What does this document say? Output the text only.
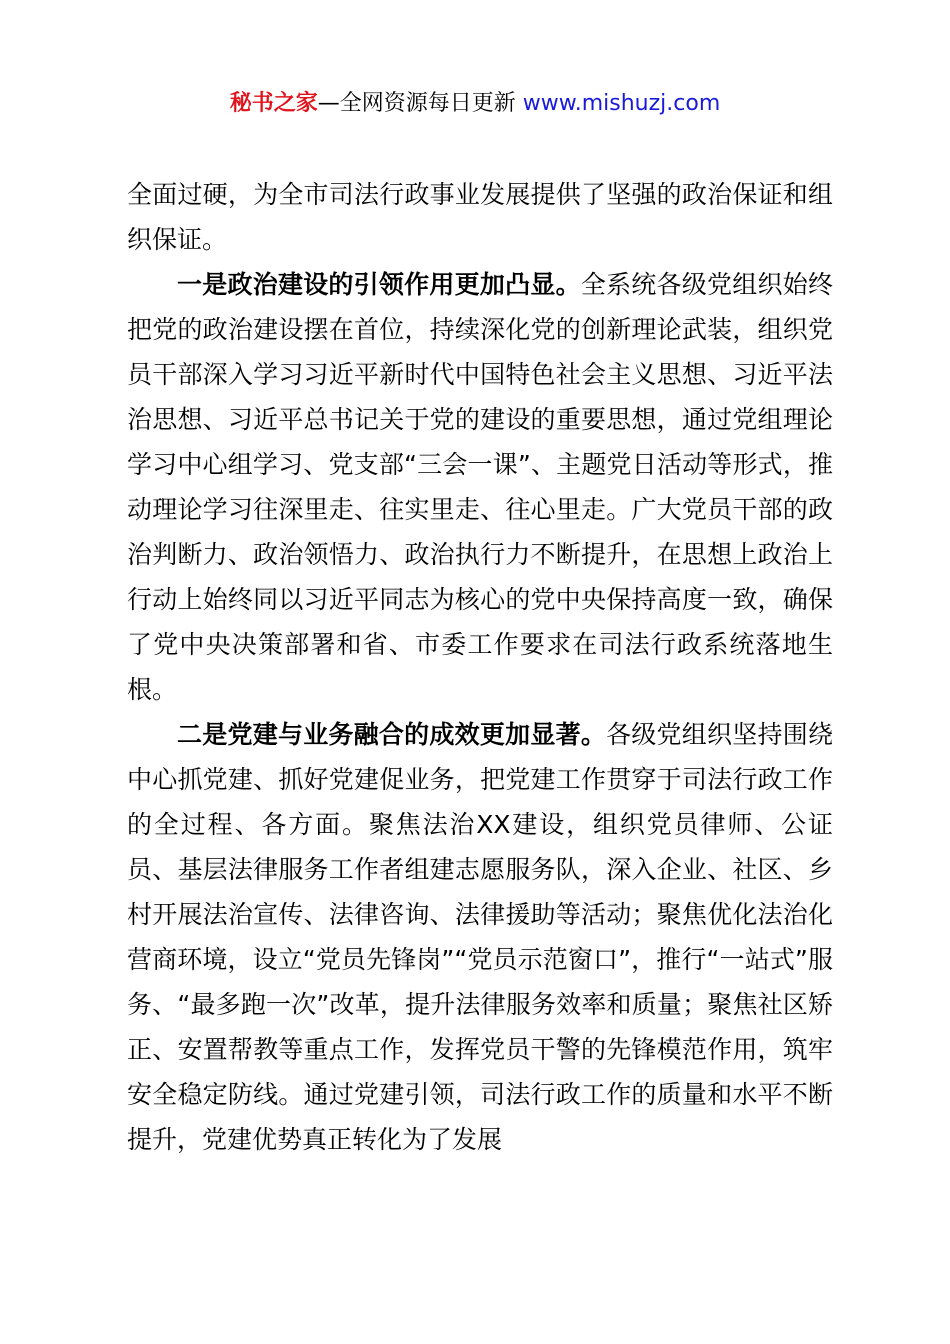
秘书之家—全网资源每日更新 www.mishuzj.com

全面过硬，为全市司法行政事业发展提供了坚强的政治保证和组织保证。

一是政治建设的引领作用更加凸显。全系统各级党组织始终把党的政治建设摆在首位，持续深化党的创新理论武装，组织党员干部深入学习习近平新时代中国特色社会主义思想、习近平法治思想、习近平总书记关于党的建设的重要思想，通过党组理论学习中心组学习、党支部“三会一课”、主题党日活动等形式，推动理论学习往深里走、往实里走、往心里走。广大党员干部的政治判断力、政治领悟力、政治执行力不断提升，在思想上政治上行动上始终同以习近平同志为核心的党中央保持高度一致，确保了党中央决策部署和省、市委工作要求在司法行政系统落地生根。

二是党建与业务融合的成效更加显著。各级党组织坚持围绕中心抓党建、抓好党建促业务，把党建工作贯穿于司法行政工作的全过程、各方面。聚焦法治XX建设，组织党员律师、公证员、基层法律服务工作者组建志愿服务队，深入企业、社区、乡村开展法治宣传、法律咨询、法律援助等活动；聚焦优化法治化营商环境，设立“党员先锋岗”“党员示范窗口”，推行“一站式”服务、“最多跑一次”改革，提升法律服务效率和质量；聚焦社区矫正、安置帮教等重点工作，发挥党员干警的先锋模范作用，筑牢安全稳定防线。通过党建引领，司法行政工作的质量和水平不断提升，党建优势真正转化为了发展
